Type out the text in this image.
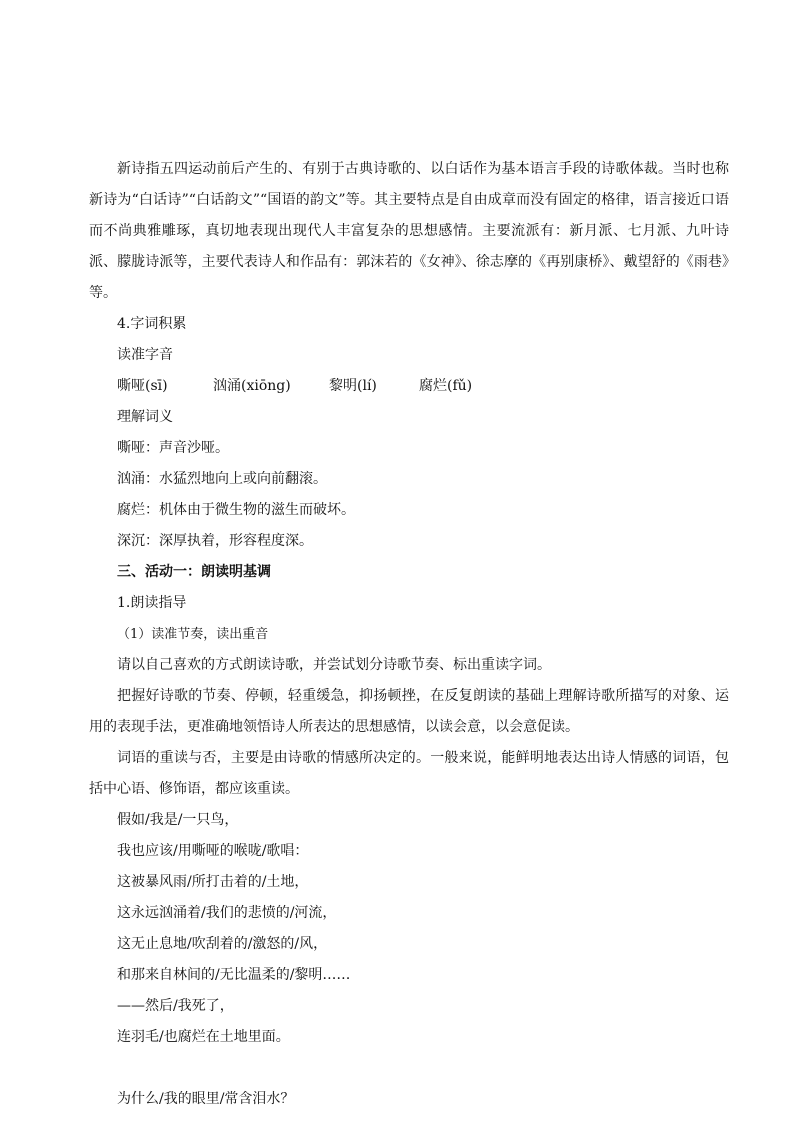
新诗指五四运动前后产生的、有别于古典诗歌的、以白话作为基本语言手段的诗歌体裁。当时也称新诗为“白话诗”“白话韵文”“国语的韵文”等。其主要特点是自由成章而没有固定的格律，语言接近口语而不尚典雅雕琢，真切地表现出现代人丰富复杂的思想感情。主要流派有：新月派、七月派、九叶诗派、朦胧诗派等，主要代表诗人和作品有：郭沫若的《女神》、徐志摩的《再别康桥》、戴望舒的《雨巷》等。

4.字词积累
读准字音
嘶哑(sī)	汹涌(xiōng)	黎明(lí)	腐烂(fǔ)
理解词义
嘶哑：声音沙哑。
汹涌：水猛烈地向上或向前翻滚。
腐烂：机体由于微生物的滋生而破坏。
深沉：深厚执着，形容程度深。
三、活动一：朗读明基调
1.朗读指导
（1）读准节奏，读出重音

请以自己喜欢的方式朗读诗歌，并尝试划分诗歌节奏、标出重读字词。

把握好诗歌的节奏、停顿，轻重缓急，抑扬顿挫，在反复朗读的基础上理解诗歌所描写的对象、运用的表现手法，更准确地领悟诗人所表达的思想感情，以读会意，以会意促读。

词语的重读与否，主要是由诗歌的情感所决定的。一般来说，能鲜明地表达出诗人情感的词语，包括中心语、修饰语，都应该重读。

假如/我是/一只鸟，
我也应该/用嘶哑的喉咙/歌唱：
这被暴风雨/所打击着的/土地，
这永远汹涌着/我们的悲愤的/河流，
这无止息地/吹刮着的/激怒的/风，
和那来自林间的/无比温柔的/黎明……
——然后/我死了，
连羽毛/也腐烂在土地里面。
为什么/我的眼里/常含泪水？
